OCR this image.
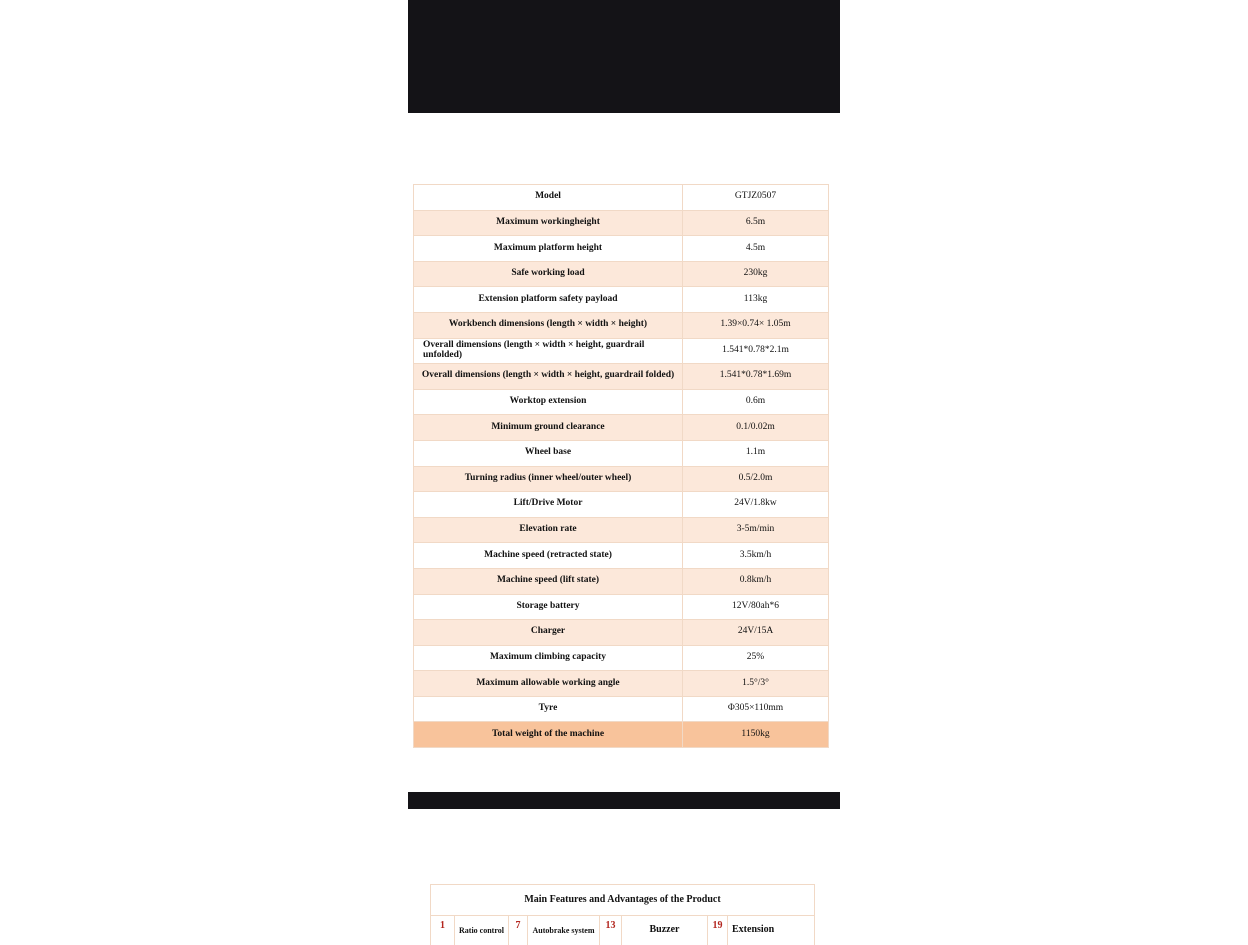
Model	GTJZ0507
Maximum workingheight	6.5m
Maximum platform height	4.5m
Safe working load	230kg
Extension platform safety payload	113kg
Workbench dimensions (length × width × height)	1.39×0.74× 1.05m
Overall dimensions (length × width × height, guardrail unfolded)	1.541*0.78*2.1m
Overall dimensions (length × width × height, guardrail folded)	1.541*0.78*1.69m
Worktop extension	0.6m
Minimum ground clearance	0.1/0.02m
Wheel base	1.1m
Turning radius (inner wheel/outer wheel)	0.5/2.0m
Lift/Drive Motor	24V/1.8kw
Elevation rate	3-5m/min
Machine speed (retracted state)	3.5km/h
Machine speed (lift state)	0.8km/h
Storage battery	12V/80ah*6
Charger	24V/15A
Maximum climbing capacity	25%
Maximum allowable working angle	1.5°/3°
Tyre	Φ305×110mm
Total weight of the machine	1150kg
Main Features and Advantages of the Product
1	Ratio control	7	Autobrake system	13	Buzzer	19 Extension
